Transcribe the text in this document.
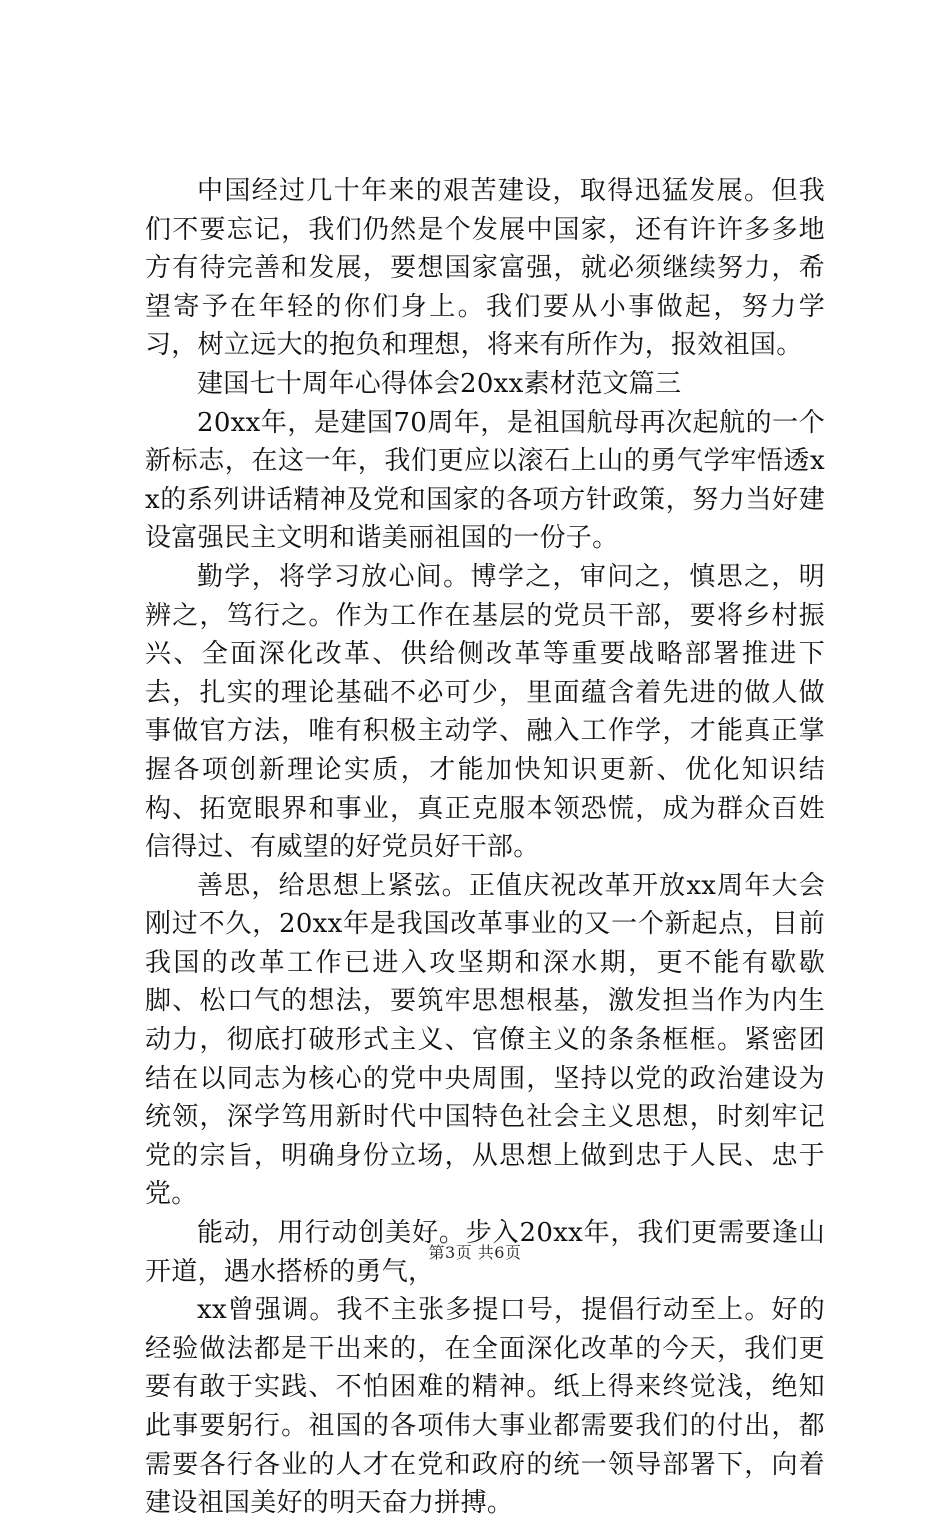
中国经过几十年来的艰苦建设，取得迅猛发展。但我们不要忘记，我们仍然是个发展中国家，还有许许多多地方有待完善和发展，要想国家富强，就必须继续努力，希望寄予在年轻的你们身上。我们要从小事做起，努力学习，树立远大的抱负和理想，将来有所作为，报效祖国。

建国七十周年心得体会20xx素材范文篇三

20xx年，是建国70周年，是祖国航母再次起航的一个新标志，在这一年，我们更应以滚石上山的勇气学牢悟透xx的系列讲话精神及党和国家的各项方针政策，努力当好建设富强民主文明和谐美丽祖国的一份子。

勤学，将学习放心间。博学之，审问之，慎思之，明辨之，笃行之。作为工作在基层的党员干部，要将乡村振兴、全面深化改革、供给侧改革等重要战略部署推进下去，扎实的理论基础不必可少，里面蕴含着先进的做人做事做官方法，唯有积极主动学、融入工作学，才能真正掌握各项创新理论实质，才能加快知识更新、优化知识结构、拓宽眼界和事业，真正克服本领恐慌，成为群众百姓信得过、有威望的好党员好干部。

善思，给思想上紧弦。正值庆祝改革开放xx周年大会刚过不久，20xx年是我国改革事业的又一个新起点，目前我国的改革工作已进入攻坚期和深水期，更不能有歇歇脚、松口气的想法，要筑牢思想根基，激发担当作为内生动力，彻底打破形式主义、官僚主义的条条框框。紧密团结在以同志为核心的党中央周围，坚持以党的政治建设为统领，深学笃用新时代中国特色社会主义思想，时刻牢记党的宗旨，明确身份立场，从思想上做到忠于人民、忠于党。

能动，用行动创美好。步入20xx年，我们更需要逢山开道，遇水搭桥的勇气，

xx曾强调。我不主张多提口号，提倡行动至上。好的经验做法都是干出来的，在全面深化改革的今天，我们更要有敢于实践、不怕困难的精神。纸上得来终觉浅，绝知此事要躬行。祖国的各项伟大事业都需要我们的付出，都需要各行各业的人才在党和政府的统一领导部署下，向着建设祖国美好的明天奋力拼搏。

第3页 共6页
